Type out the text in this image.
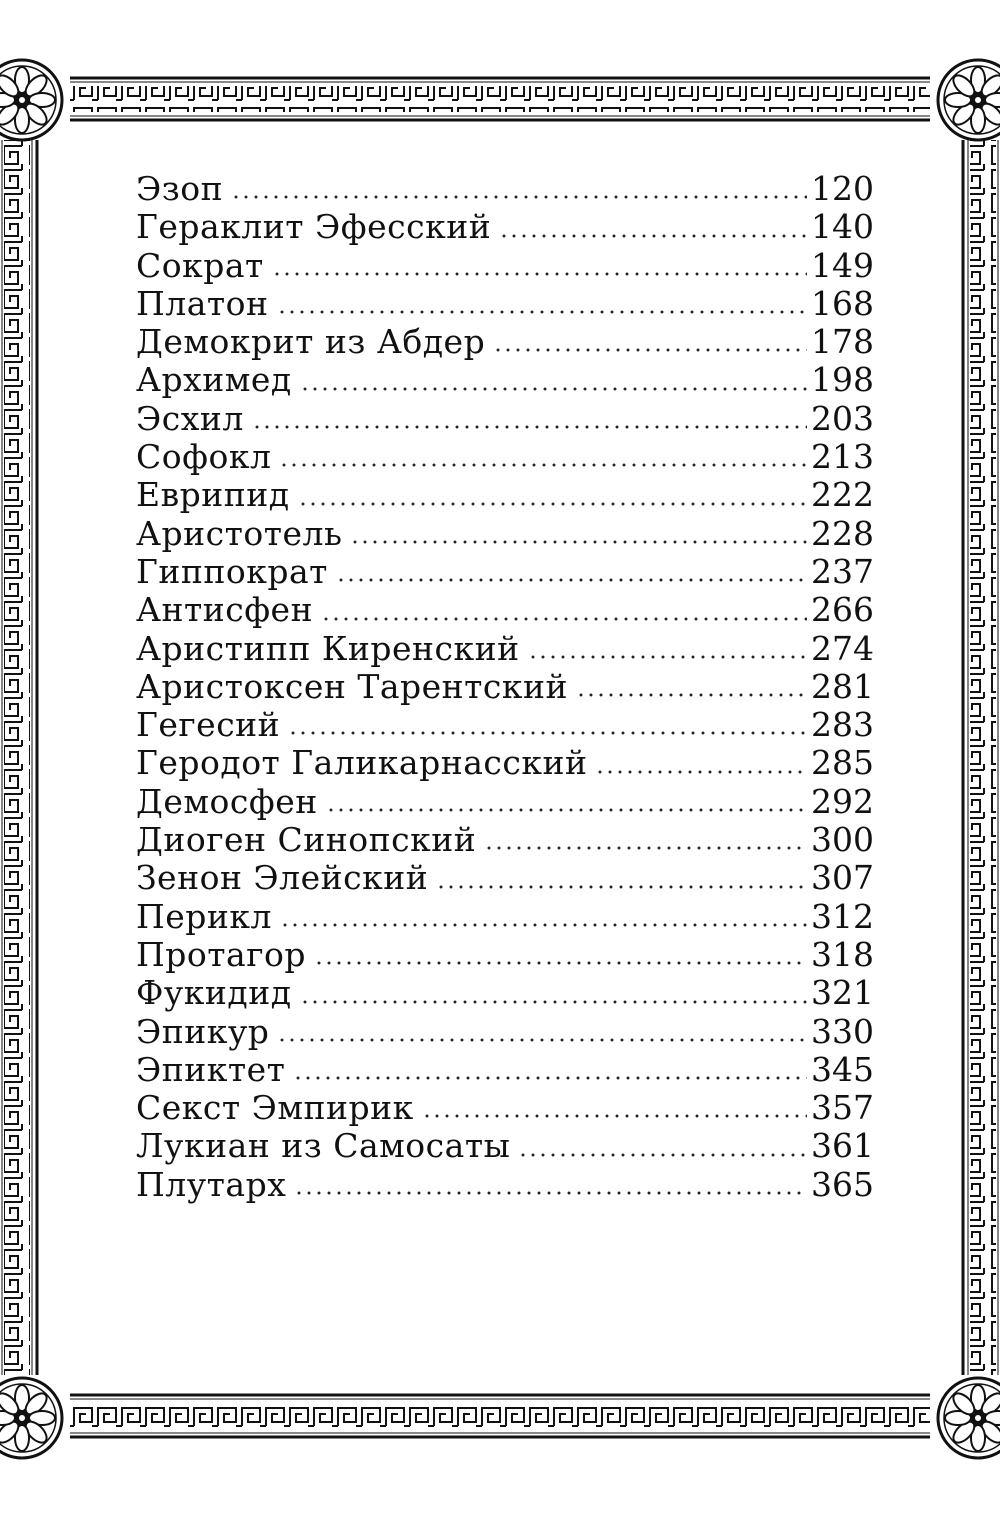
Эзоп	120
Гераклит Эфесский	140
Сократ	149
Платон	168
Демокрит из Абдер	178
Архимед	198
Эсхил	203
Софокл	213
Еврипид	222
Аристотель	228
Гиппократ	237
Антисфен	266
Аристипп Киренский	274
Аристоксен Тарентский	281
Гегесий	283
Геродот Галикарнасский	285
Демосфен	292
Диоген Синопский	300
Зенон Элейский	307
Перикл	312
Протагор	318
Фукидид	321
Эпикур	330
Эпиктет	345
Секст Эмпирик	357
Лукиан из Самосаты	361
Плутарх	365
